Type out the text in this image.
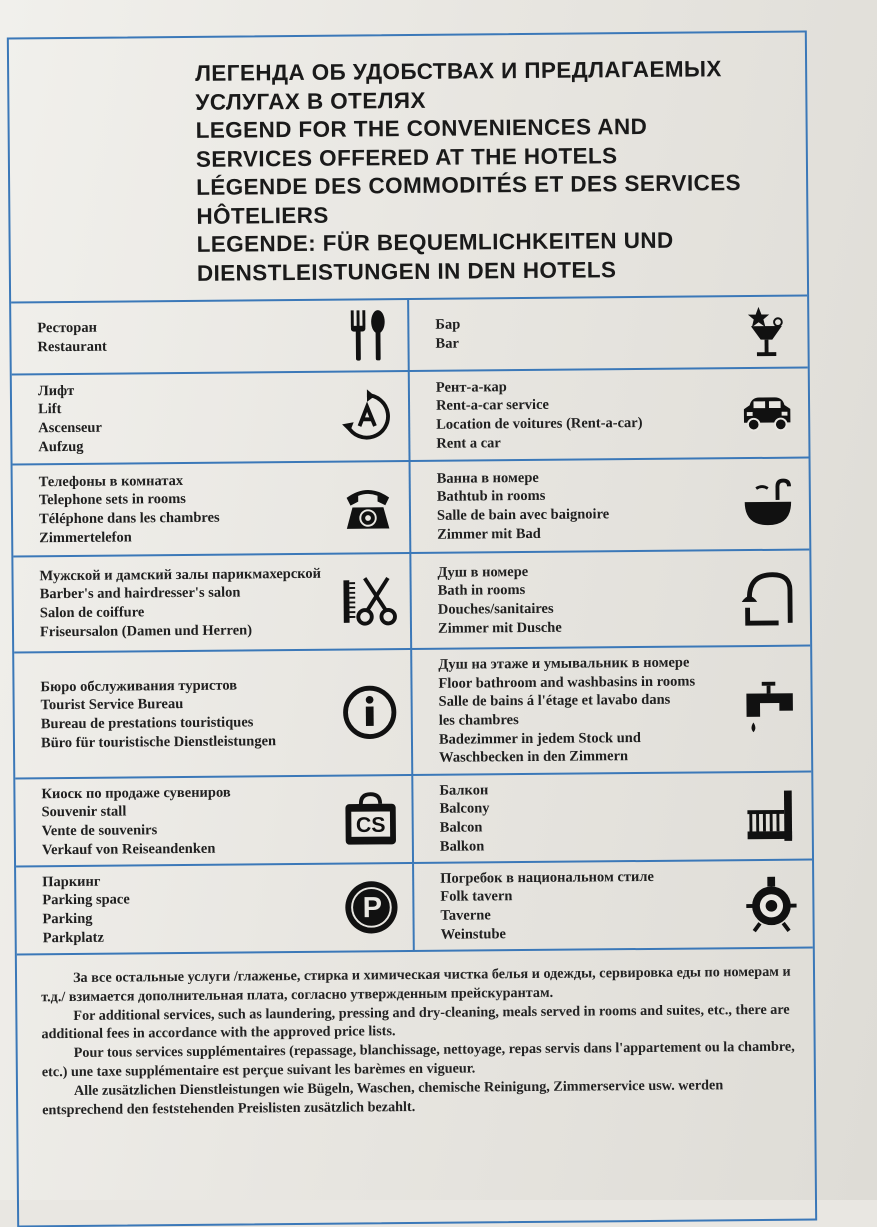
ЛЕГЕНДА ОБ УДОБСТВАХ И ПРЕДЛАГАЕМЫХ
УСЛУГАХ В ОТЕЛЯХ
LEGEND FOR THE CONVENIENCES AND
SERVICES OFFERED AT THE HOTELS
LÉGENDE DES COMMODITÉS ET DES SERVICES
HÔTELIERS
LEGENDE: FÜR BEQUEMLICHKEITEN UND
DIENSTLEISTUNGEN IN DEN HOTELS
Ресторан
Restaurant
Бар
Bar
Лифт
Lift
Ascenseur
Aufzug
Рент-а-кар
Rent-a-car service
Location de voitures (Rent-a-car)
Rent a car
Телефоны в комнатах
Telephone sets in rooms
Téléphone dans les chambres
Zimmertelefon
Ванна в номере
Bathtub in rooms
Salle de bain avec baignoire
Zimmer mit Bad
Мужской и дамский залы парикмахерской
Barber's and hairdresser's salon
Salon de coiffure
Friseursalon (Damen und Herren)
Душ в номере
Bath in rooms
Douches/sanitaires
Zimmer mit Dusche
Бюро обслуживания туристов
Tourist Service Bureau
Bureau de prestations touristiques
Büro für touristische Dienstleistungen
Душ на этаже и умывальник в номере
Floor bathroom and washbasins in rooms
Salle de bains á l'étage et lavabo dans
les chambres
Badezimmer in jedem Stock und
Waschbecken in den Zimmern
Киоск по продаже сувениров
Souvenir stall
Vente de souvenirs
Verkauf von Reiseandenken
CS
Балкон
Balcony
Balcon
Balkon
Паркинг
Parking space
Parking
Parkplatz
P
Погребок в национальном стиле
Folk tavern
Taverne
Weinstube

За все остальные услуги /глаженье, стирка и химическая чистка белья и одежды, сервировка еды по номерам и т.д./ взимается дополнительная плата, согласно утвержденным прейскурантам.

For additional services, such as laundering, pressing and dry-cleaning, meals served in rooms and suites, etc., there are additional fees in accordance with the approved price lists.

Pour tous services supplémentaires (repassage, blanchissage, nettoyage, repas servis dans l'appartement ou la chambre, etc.) une taxe supplémentaire est perçue suivant les barèmes en vigueur.

Alle zusätzlichen Dienstleistungen wie Bügeln, Waschen, chemische Reinigung, Zimmerservice usw. werden entsprechend den feststehenden Preislisten zusätzlich bezahlt.
